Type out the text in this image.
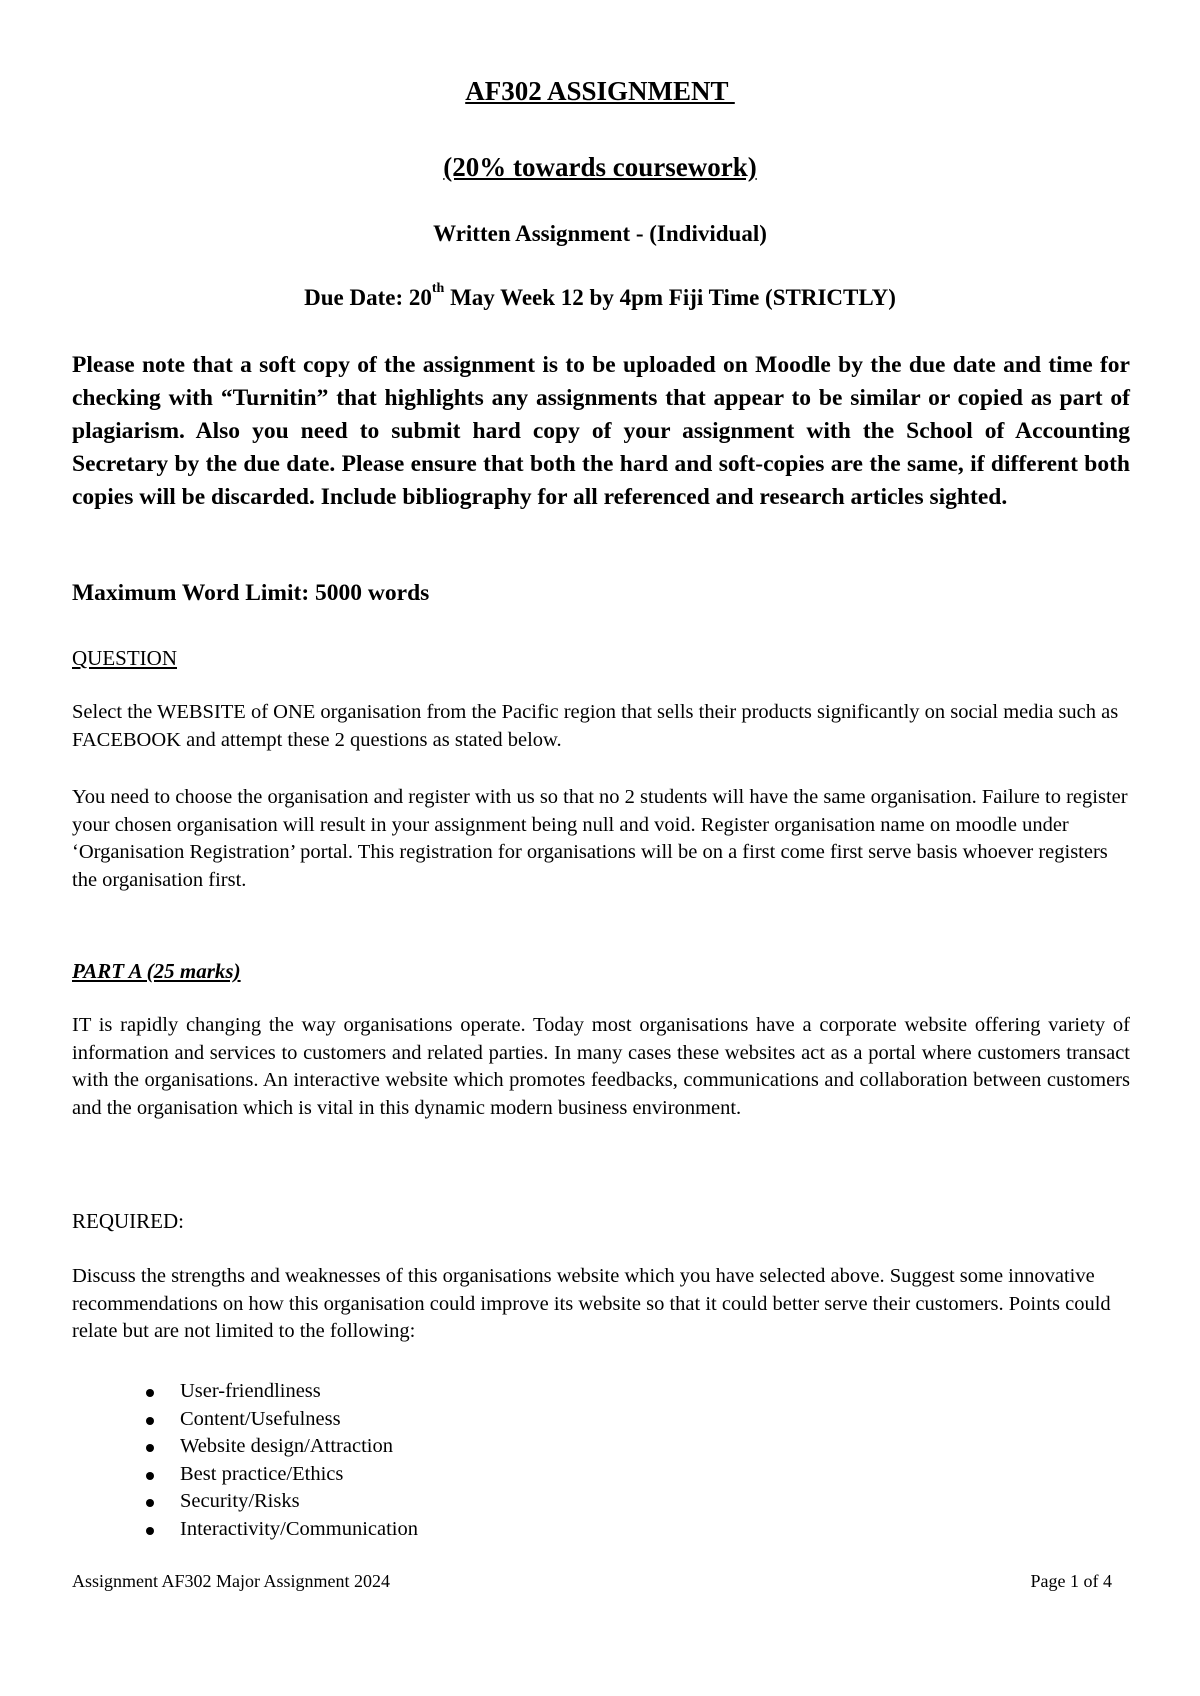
AF302 ASSIGNMENT

(20% towards coursework)

Written Assignment - (Individual)

Due Date: 20th May Week 12 by 4pm Fiji Time (STRICTLY)

Please note that a soft copy of the assignment is to be uploaded on Moodle by the due date and time for checking with “Turnitin” that highlights any assignments that appear to be similar or copied as part of plagiarism. Also you need to submit hard copy of your assignment with the School of Accounting Secretary by the due date. Please ensure that both the hard and soft-copies are the same, if different both copies will be discarded. Include bibliography for all referenced and research articles sighted.

Maximum Word Limit: 5000 words

QUESTION

Select the WEBSITE of ONE organisation from the Pacific region that sells their products significantly on social media such as FACEBOOK and attempt these 2 questions as stated below.

You need to choose the organisation and register with us so that no 2 students will have the same organisation. Failure to register your chosen organisation will result in your assignment being null and void. Register organisation name on moodle under ‘Organisation Registration’ portal. This registration for organisations will be on a first come first serve basis whoever registers the organisation first.

PART A (25 marks)

IT is rapidly changing the way organisations operate. Today most organisations have a corporate website offering variety of information and services to customers and related parties. In many cases these websites act as a portal where customers transact with the organisations. An interactive website which promotes feedbacks, communications and collaboration between customers and the organisation which is vital in this dynamic modern business environment.

REQUIRED:

Discuss the strengths and weaknesses of this organisations website which you have selected above. Suggest some innovative recommendations on how this organisation could improve its website so that it could better serve their customers. Points could relate but are not limited to the following:

User-friendliness
Content/Usefulness
Website design/Attraction
Best practice/Ethics
Security/Risks
Interactivity/Communication

Assignment AF302 Major Assignment 2024	Page 1 of 4
